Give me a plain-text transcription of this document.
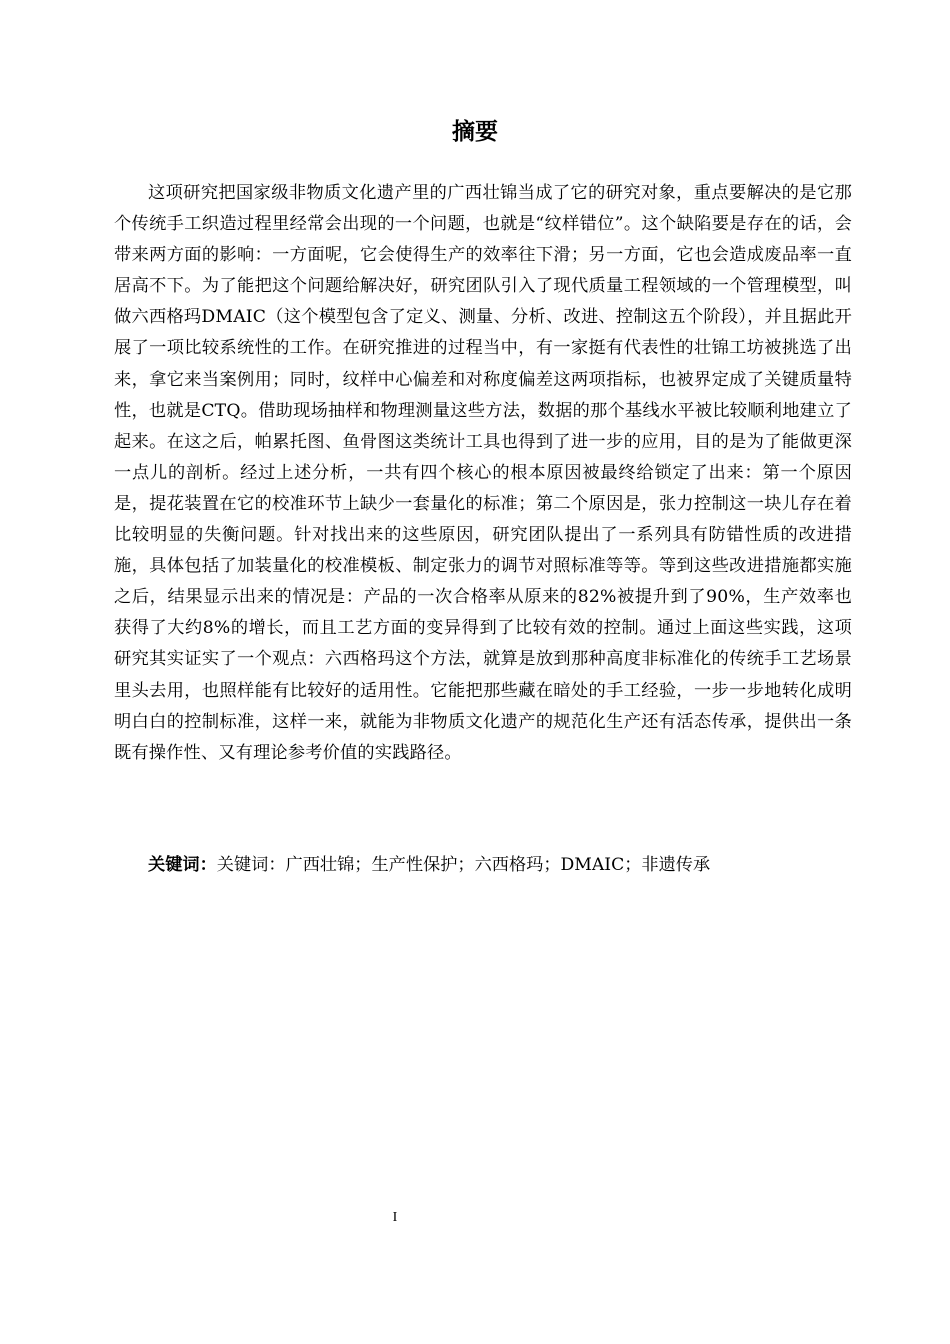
摘要

这项研究把国家级非物质文化遗产里的广西壮锦当成了它的研究对象，重点要解决的是它那个传统手工织造过程里经常会出现的一个问题，也就是“纹样错位”。这个缺陷要是存在的话，会带来两方面的影响：一方面呢，它会使得生产的效率往下滑；另一方面，它也会造成废品率一直居高不下。为了能把这个问题给解决好，研究团队引入了现代质量工程领域的一个管理模型，叫做六西格玛DMAIC（这个模型包含了定义、测量、分析、改进、控制这五个阶段），并且据此开展了一项比较系统性的工作。在研究推进的过程当中，有一家挺有代表性的壮锦工坊被挑选了出来，拿它来当案例用；同时，纹样中心偏差和对称度偏差这两项指标，也被界定成了关键质量特性，也就是CTQ。借助现场抽样和物理测量这些方法，数据的那个基线水平被比较顺利地建立了起来。在这之后，帕累托图、鱼骨图这类统计工具也得到了进一步的应用，目的是为了能做更深一点儿的剖析。经过上述分析，一共有四个核心的根本原因被最终给锁定了出来：第一个原因是，提花装置在它的校准环节上缺少一套量化的标准；第二个原因是，张力控制这一块儿存在着比较明显的失衡问题。针对找出来的这些原因，研究团队提出了一系列具有防错性质的改进措施，具体包括了加装量化的校准模板、制定张力的调节对照标准等等。等到这些改进措施都实施之后，结果显示出来的情况是：产品的一次合格率从原来的82%被提升到了90%，生产效率也获得了大约8%的增长，而且工艺方面的变异得到了比较有效的控制。通过上面这些实践，这项研究其实证实了一个观点：六西格玛这个方法，就算是放到那种高度非标准化的传统手工艺场景里头去用，也照样能有比较好的适用性。它能把那些藏在暗处的手工经验，一步一步地转化成明明白白的控制标准，这样一来，就能为非物质文化遗产的规范化生产还有活态传承，提供出一条既有操作性、又有理论参考价值的实践路径。

关键词：关键词：广西壮锦；生产性保护；六西格玛；DMAIC；非遗传承

I
